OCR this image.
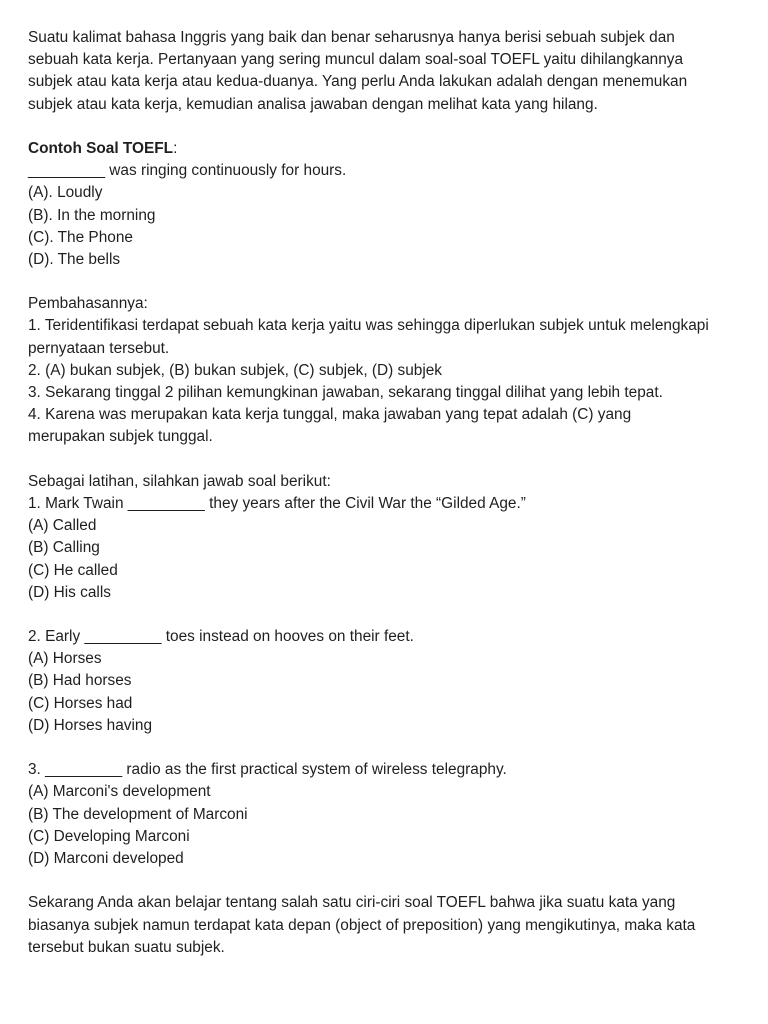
Suatu kalimat bahasa Inggris yang baik dan benar seharusnya hanya berisi sebuah subjek dan
sebuah kata kerja. Pertanyaan yang sering muncul dalam soal-soal TOEFL yaitu dihilangkannya
subjek atau kata kerja atau kedua-duanya. Yang perlu Anda lakukan adalah dengan menemukan
subjek atau kata kerja, kemudian analisa jawaban dengan melihat kata yang hilang.
Contoh Soal TOEFL:
_________ was ringing continuously for hours.
(A). Loudly
(B). In the morning
(C). The Phone
(D). The bells
Pembahasannya:
1. Teridentifikasi terdapat sebuah kata kerja yaitu was sehingga diperlukan subjek untuk melengkapi
pernyataan tersebut.
2. (A) bukan subjek, (B) bukan subjek, (C) subjek, (D) subjek
3. Sekarang tinggal 2 pilihan kemungkinan jawaban, sekarang tinggal dilihat yang lebih tepat.
4. Karena was merupakan kata kerja tunggal, maka jawaban yang tepat adalah (C) yang
merupakan subjek tunggal.
Sebagai latihan, silahkan jawab soal berikut:
1. Mark Twain _________ they years after the Civil War the “Gilded Age.”
(A) Called
(B) Calling
(C) He called
(D) His calls
2. Early _________ toes instead on hooves on their feet.
(A) Horses
(B) Had horses
(C) Horses had
(D) Horses having
3. _________ radio as the first practical system of wireless telegraphy.
(A) Marconi's development
(B) The development of Marconi
(C) Developing Marconi
(D) Marconi developed
Sekarang Anda akan belajar tentang salah satu ciri-ciri soal TOEFL bahwa jika suatu kata yang
biasanya subjek namun terdapat kata depan (object of preposition) yang mengikutinya, maka kata
tersebut bukan suatu subjek.
